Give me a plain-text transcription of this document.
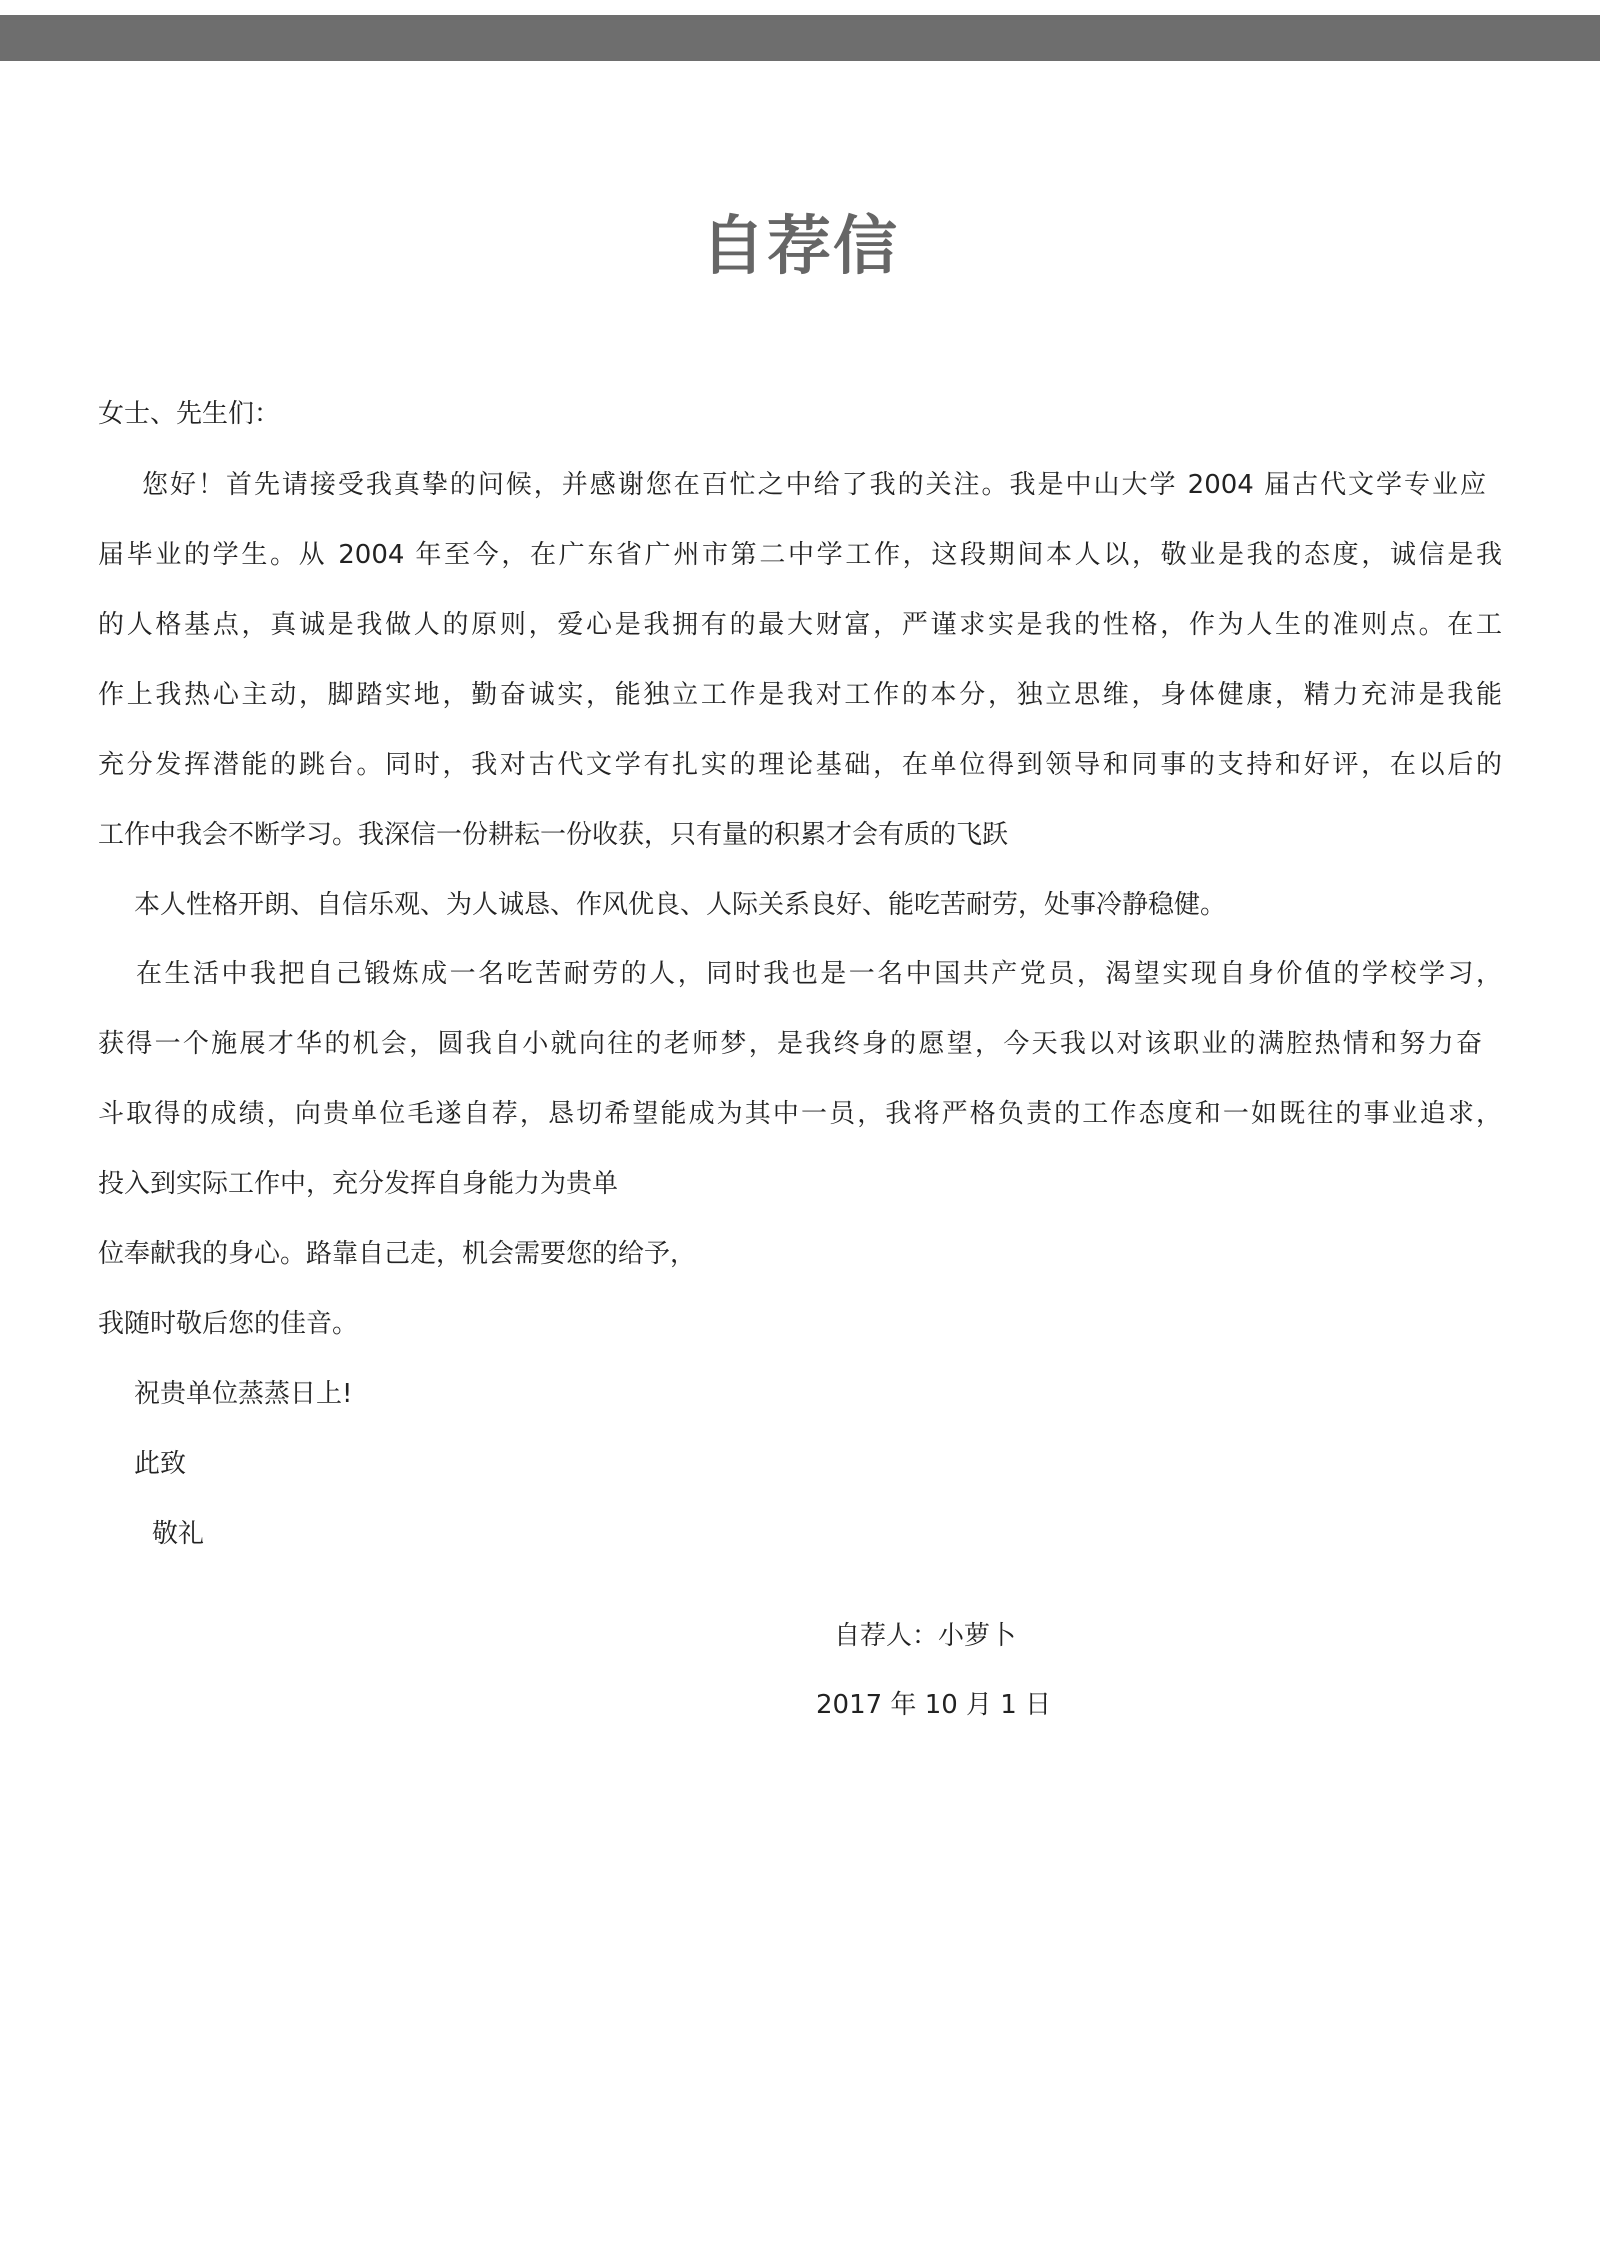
自荐信
女士、先生们：
您好！首先请接受我真挚的问候，并感谢您在百忙之中给了我的关注。我是中山大学 2004 届古代文学专业应
届毕业的学生。从 2004 年至今，在广东省广州市第二中学工作，这段期间本人以，敬业是我的态度，诚信是我
的人格基点，真诚是我做人的原则，爱心是我拥有的最大财富，严谨求实是我的性格，作为人生的准则点。在工
作上我热心主动，脚踏实地，勤奋诚实，能独立工作是我对工作的本分，独立思维，身体健康，精力充沛是我能
充分发挥潜能的跳台。同时，我对古代文学有扎实的理论基础，在单位得到领导和同事的支持和好评，在以后的
工作中我会不断学习。我深信一份耕耘一份收获，只有量的积累才会有质的飞跃
本人性格开朗、自信乐观、为人诚恳、作风优良、人际关系良好、能吃苦耐劳，处事冷静稳健。
在生活中我把自己锻炼成一名吃苦耐劳的人，同时我也是一名中国共产党员，渴望实现自身价值的学校学习，
获得一个施展才华的机会，圆我自小就向往的老师梦，是我终身的愿望，今天我以对该职业的满腔热情和努力奋
斗取得的成绩，向贵单位毛遂自荐，恳切希望能成为其中一员，我将严格负责的工作态度和一如既往的事业追求，
投入到实际工作中，充分发挥自身能力为贵单
位奉献我的身心。路靠自己走，机会需要您的给予，
我随时敬后您的佳音。
祝贵单位蒸蒸日上!
此致
敬礼
自荐人：小萝卜
2017 年 10 月 1 日
